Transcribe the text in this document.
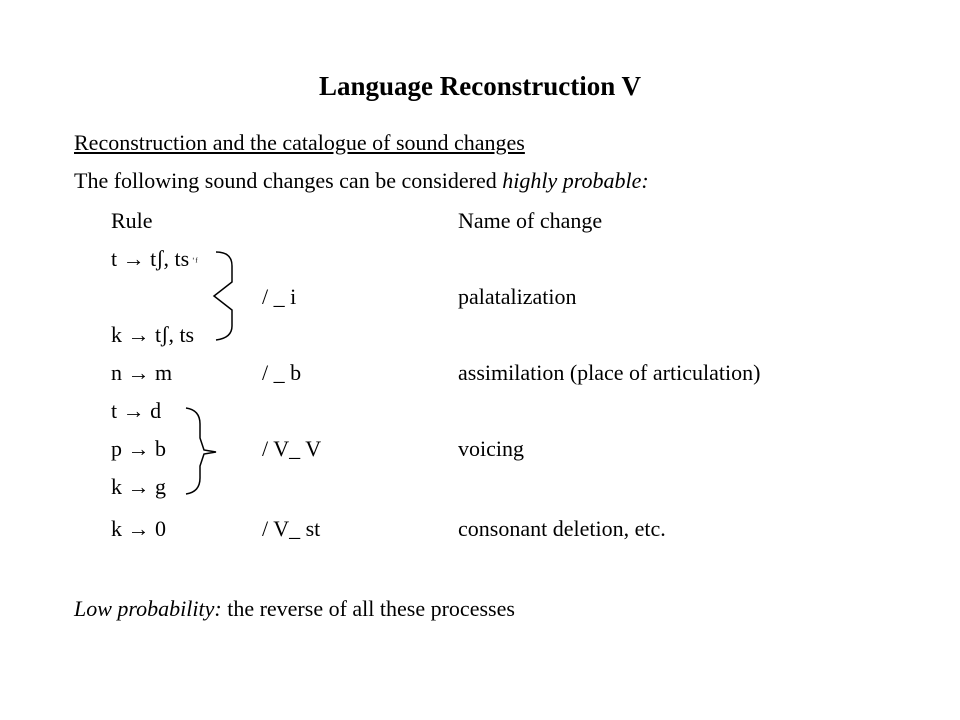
Language Reconstruction V
Reconstruction and the catalogue of sound changes
The following sound changes can be considered highly probable:
Rule	Name of change
t → tʃ, ts ˈᶠ
/ _ i	palatalization
k → tʃ, ts
n → m	/ _ b	assimilation (place of articulation)
t → d
p → b	/ V_ V	voicing
k → g
k → 0	/ V_ st	consonant deletion, etc.
Low probability: the reverse of all these processes
